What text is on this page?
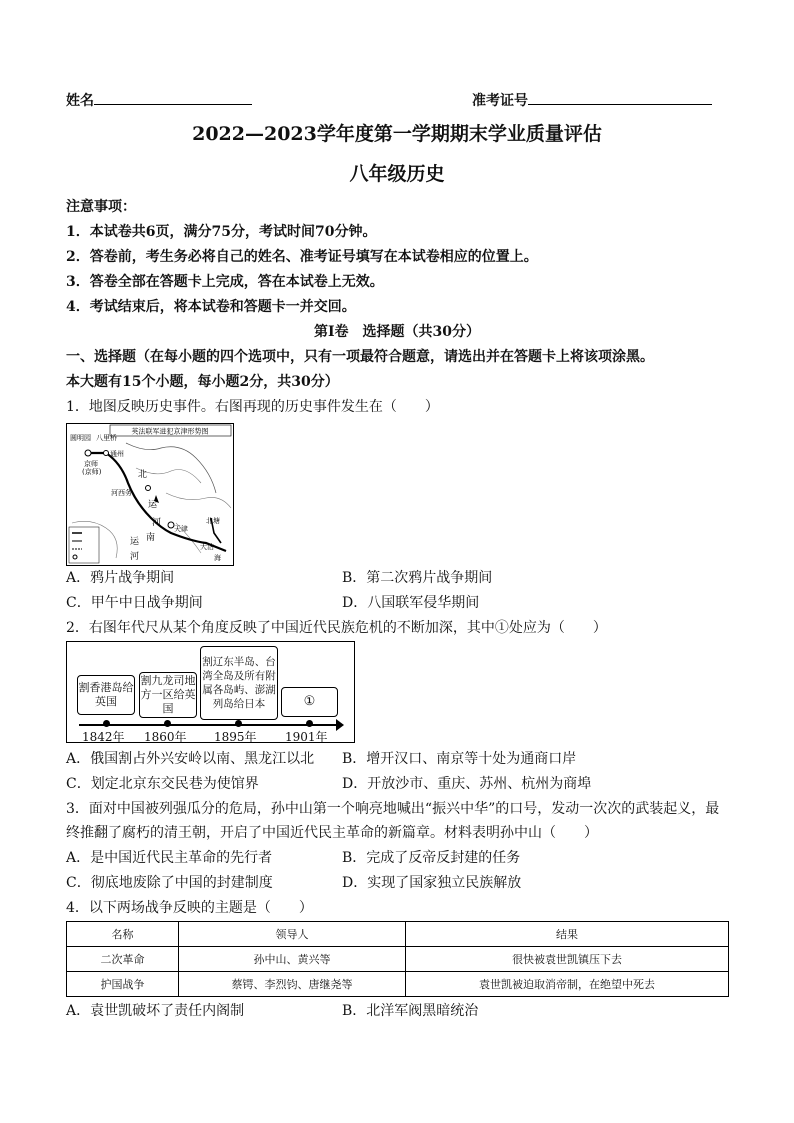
姓名	准考证号
2022—2023学年度第一学期期末学业质量评估
八年级历史
注意事项：
1．本试卷共6页，满分75分，考试时间70分钟。
2．答卷前，考生务必将自己的姓名、准考证号填写在本试卷相应的位置上。
3．答卷全部在答题卡上完成，答在本试卷上无效。
4．考试结束后，将本试卷和答题卡一并交回。
第Ⅰ卷　选择题（共30分）
一、选择题（在每小题的四个选项中，只有一项最符合题意，请选出并在答题卡上将该项涂黑。
本大题有15个小题，每小题2分，共30分）
1．地图反映历史事件。右图再现的历史事件发生在（　　）
英法联军进犯京津形势图
圆明园 八里桥
通州
京师
(京师)	北
运
河西务
河
天津
北塘
大沽
海
运
河
南
A．鸦片战争期间	B．第二次鸦片战争期间
C．甲午中日战争期间	D．八国联军侵华期间
2．右图年代尺从某个角度反映了中国近代民族危机的不断加深，其中①处应为（　　）
割香港岛给英国
割九龙司地方一区给英国
割辽东半岛、台湾全岛及所有附属各岛屿、澎湖列岛给日本	①
1842年 1860年 1895年 1901年
A．俄国割占外兴安岭以南、黑龙江以北 B．增开汉口、南京等十处为通商口岸
C．划定北京东交民巷为使馆界	D．开放沙市、重庆、苏州、杭州为商埠
3．面对中国被列强瓜分的危局，孙中山第一个响亮地喊出“振兴中华”的口号，发动一次次的武装起义，最
终推翻了腐朽的清王朝，开启了中国近代民主革命的新篇章。材料表明孙中山（　　）
A．是中国近代民主革命的先行者	B．完成了反帝反封建的任务
C．彻底地废除了中国的封建制度	D．实现了国家独立民族解放
4．以下两场战争反映的主题是（　　）
名称	领导人	结果
二次革命	孙中山、黄兴等	很快被袁世凯镇压下去
护国战争	蔡锷、李烈钧、唐继尧等	袁世凯被迫取消帝制，在绝望中死去
A．袁世凯破坏了责任内阁制	B．北洋军阀黑暗统治
